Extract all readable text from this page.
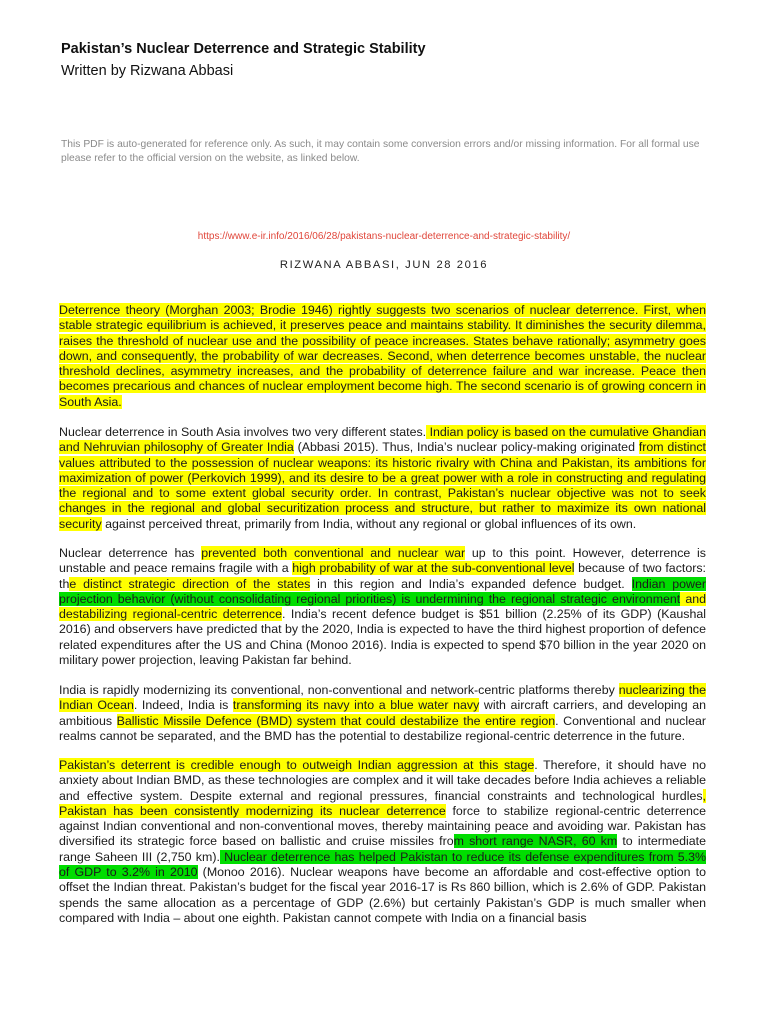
Pakistan’s Nuclear Deterrence and Strategic Stability
Written by Rizwana Abbasi
This PDF is auto-generated for reference only. As such, it may contain some conversion errors and/or missing information. For all formal use please refer to the official version on the website, as linked below.
https://www.e-ir.info/2016/06/28/pakistans-nuclear-deterrence-and-strategic-stability/
RIZWANA ABBASI, JUN 28 2016

Deterrence theory (Morghan 2003; Brodie 1946) rightly suggests two scenarios of nuclear deterrence. First, when stable strategic equilibrium is achieved, it preserves peace and maintains stability. It diminishes the security dilemma, raises the threshold of nuclear use and the possibility of peace increases. States behave rationally; asymmetry goes down, and consequently, the probability of war decreases. Second, when deterrence becomes unstable, the nuclear threshold declines, asymmetry increases, and the probability of deterrence failure and war increase. Peace then becomes precarious and chances of nuclear employment become high. The second scenario is of growing concern in South Asia.

Nuclear deterrence in South Asia involves two very different states. Indian policy is based on the cumulative Ghandian and Nehruvian philosophy of Greater India (Abbasi 2015). Thus, India’s nuclear policy-making originated from distinct values attributed to the possession of nuclear weapons: its historic rivalry with China and Pakistan, its ambitions for maximization of power (Perkovich 1999), and its desire to be a great power with a role in constructing and regulating the regional and to some extent global security order. In contrast, Pakistan’s nuclear objective was not to seek changes in the regional and global securitization process and structure, but rather to maximize its own national security against perceived threat, primarily from India, without any regional or global influences of its own.

Nuclear deterrence has prevented both conventional and nuclear war up to this point. However, deterrence is unstable and peace remains fragile with a high probability of war at the sub-conventional level because of two factors: the distinct strategic direction of the states in this region and India’s expanded defence budget. Indian power projection behavior (without consolidating regional priorities) is undermining the regional strategic environment and destabilizing regional-centric deterrence. India’s recent defence budget is $51 billion (2.25% of its GDP) (Kaushal 2016) and observers have predicted that by the 2020, India is expected to have the third highest proportion of defence related expenditures after the US and China (Monoo 2016). India is expected to spend $70 billion in the year 2020 on military power projection, leaving Pakistan far behind.

India is rapidly modernizing its conventional, non-conventional and network-centric platforms thereby nuclearizing the Indian Ocean. Indeed, India is transforming its navy into a blue water navy with aircraft carriers, and developing an ambitious Ballistic Missile Defence (BMD) system that could destabilize the entire region. Conventional and nuclear realms cannot be separated, and the BMD has the potential to destabilize regional-centric deterrence in the future.

Pakistan’s deterrent is credible enough to outweigh Indian aggression at this stage. Therefore, it should have no anxiety about Indian BMD, as these technologies are complex and it will take decades before India achieves a reliable and effective system. Despite external and regional pressures, financial constraints and technological hurdles, Pakistan has been consistently modernizing its nuclear deterrence force to stabilize regional-centric deterrence against Indian conventional and non-conventional moves, thereby maintaining peace and avoiding war. Pakistan has diversified its strategic force based on ballistic and cruise missiles from short range NASR, 60 km to intermediate range Saheen III (2,750 km). Nuclear deterrence has helped Pakistan to reduce its defense expenditures from 5.3% of GDP to 3.2% in 2010 (Monoo 2016). Nuclear weapons have become an affordable and cost-effective option to offset the Indian threat. Pakistan’s budget for the fiscal year 2016-17 is Rs 860 billion, which is 2.6% of GDP. Pakistan spends the same allocation as a percentage of GDP (2.6%) but certainly Pakistan’s GDP is much smaller when compared with India – about one eighth. Pakistan cannot compete with India on a financial basis
